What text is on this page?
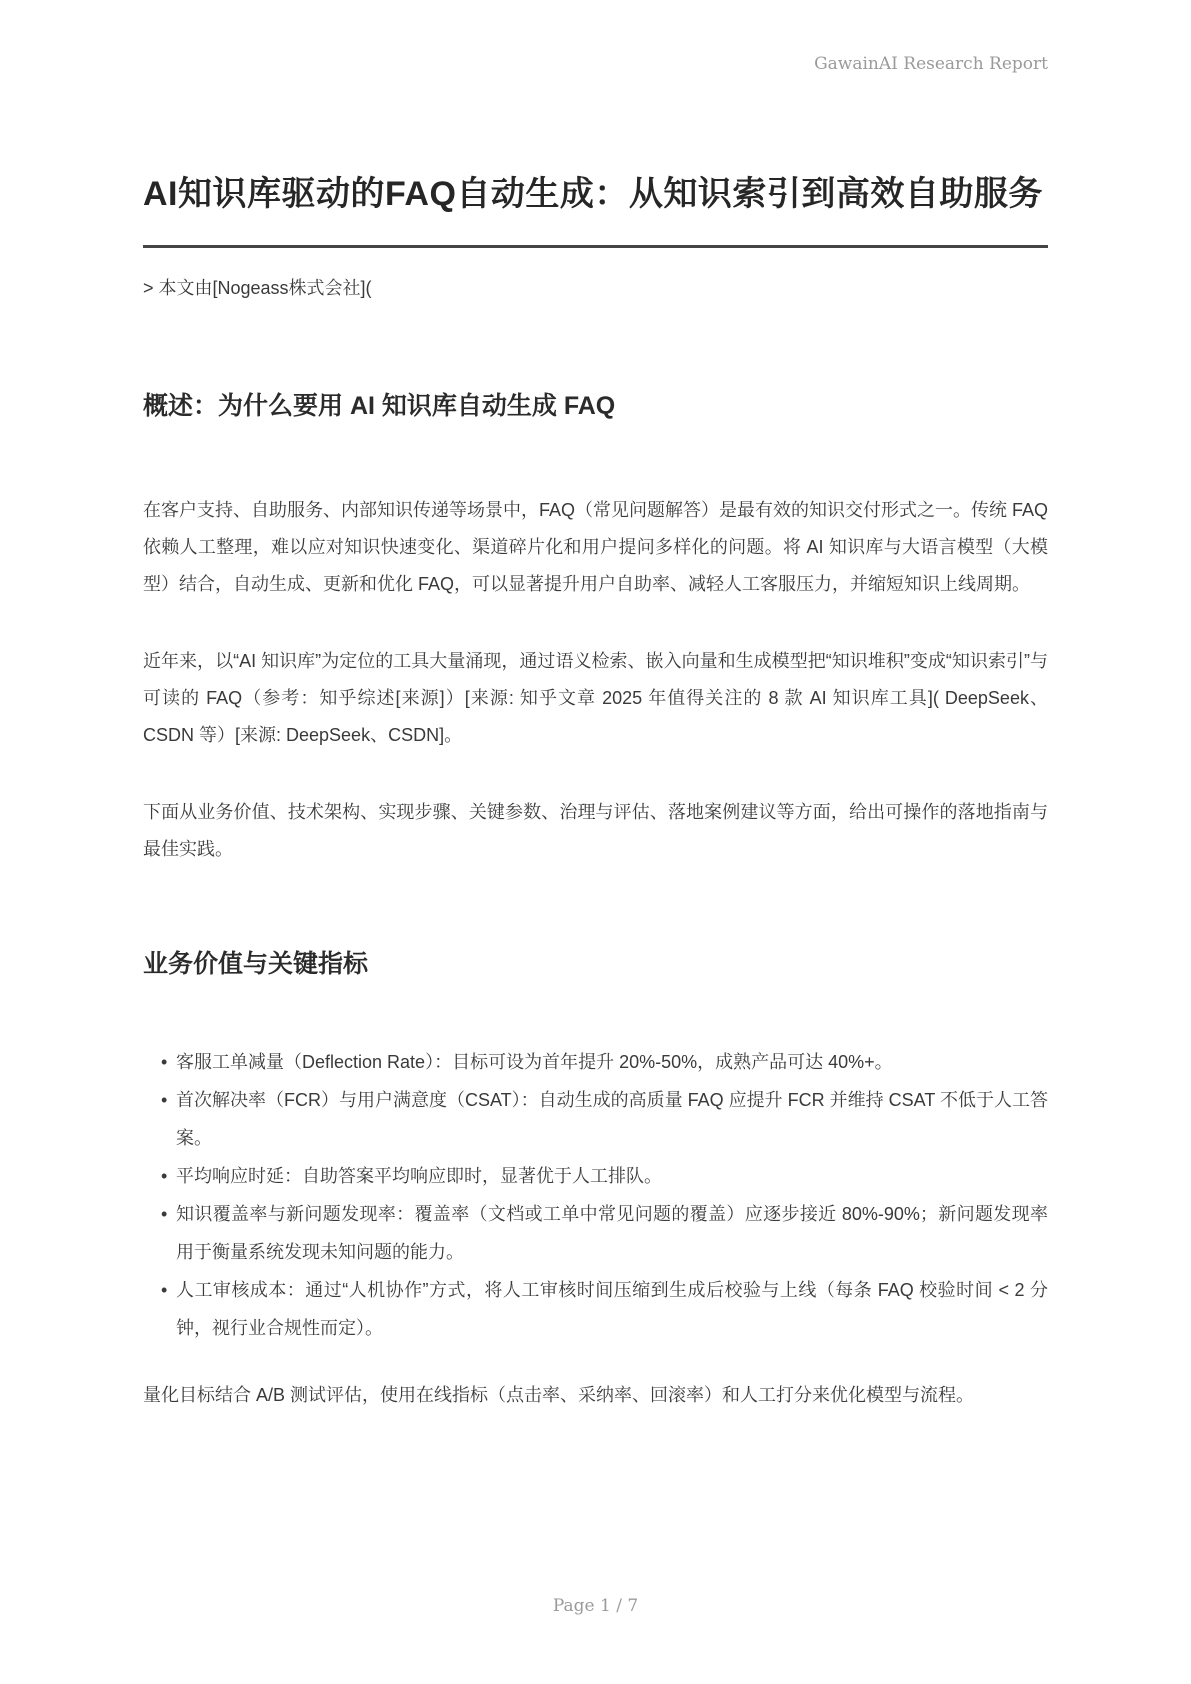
GawainAI Research Report
AI知识库驱动的FAQ自动生成：从知识索引到高效自助服务

> 本文由[Nogeass株式会社](

概述：为什么要用 AI 知识库自动生成 FAQ

在客户支持、自助服务、内部知识传递等场景中，FAQ（常见问题解答）是最有效的知识交付形式之一。传统 FAQ 依赖人工整理，难以应对知识快速变化、渠道碎片化和用户提问多样化的问题。将 AI 知识库与大语言模型（大模型）结合，自动生成、更新和优化 FAQ，可以显著提升用户自助率、减轻人工客服压力，并缩短知识上线周期。

近年来，以“AI 知识库”为定位的工具大量涌现，通过语义检索、嵌入向量和生成模型把“知识堆积”变成“知识索引”与可读的 FAQ（参考：知乎综述[来源]）[来源: 知乎文章 2025 年值得关注的 8 款 AI 知识库工具]( DeepSeek、CSDN 等）[来源: DeepSeek、CSDN]。

下面从业务价值、技术架构、实现步骤、关键参数、治理与评估、落地案例建议等方面，给出可操作的落地指南与最佳实践。

业务价值与关键指标
• 客服工单减量（Deflection Rate）：目标可设为首年提升 20%-50%，成熟产品可达 40%+。
• 首次解决率（FCR）与用户满意度（CSAT）：自动生成的高质量 FAQ 应提升 FCR 并维持 CSAT 不低于人工答案。
• 平均响应时延：自助答案平均响应即时，显著优于人工排队。
• 知识覆盖率与新问题发现率：覆盖率（文档或工单中常见问题的覆盖）应逐步接近 80%-90%；新问题发现率用于衡量系统发现未知问题的能力。
• 人工审核成本：通过“人机协作”方式，将人工审核时间压缩到生成后校验与上线（每条 FAQ 校验时间 < 2 分钟，视行业合规性而定）。

量化目标结合 A/B 测试评估，使用在线指标（点击率、采纳率、回滚率）和人工打分来优化模型与流程。

Page 1 / 7
